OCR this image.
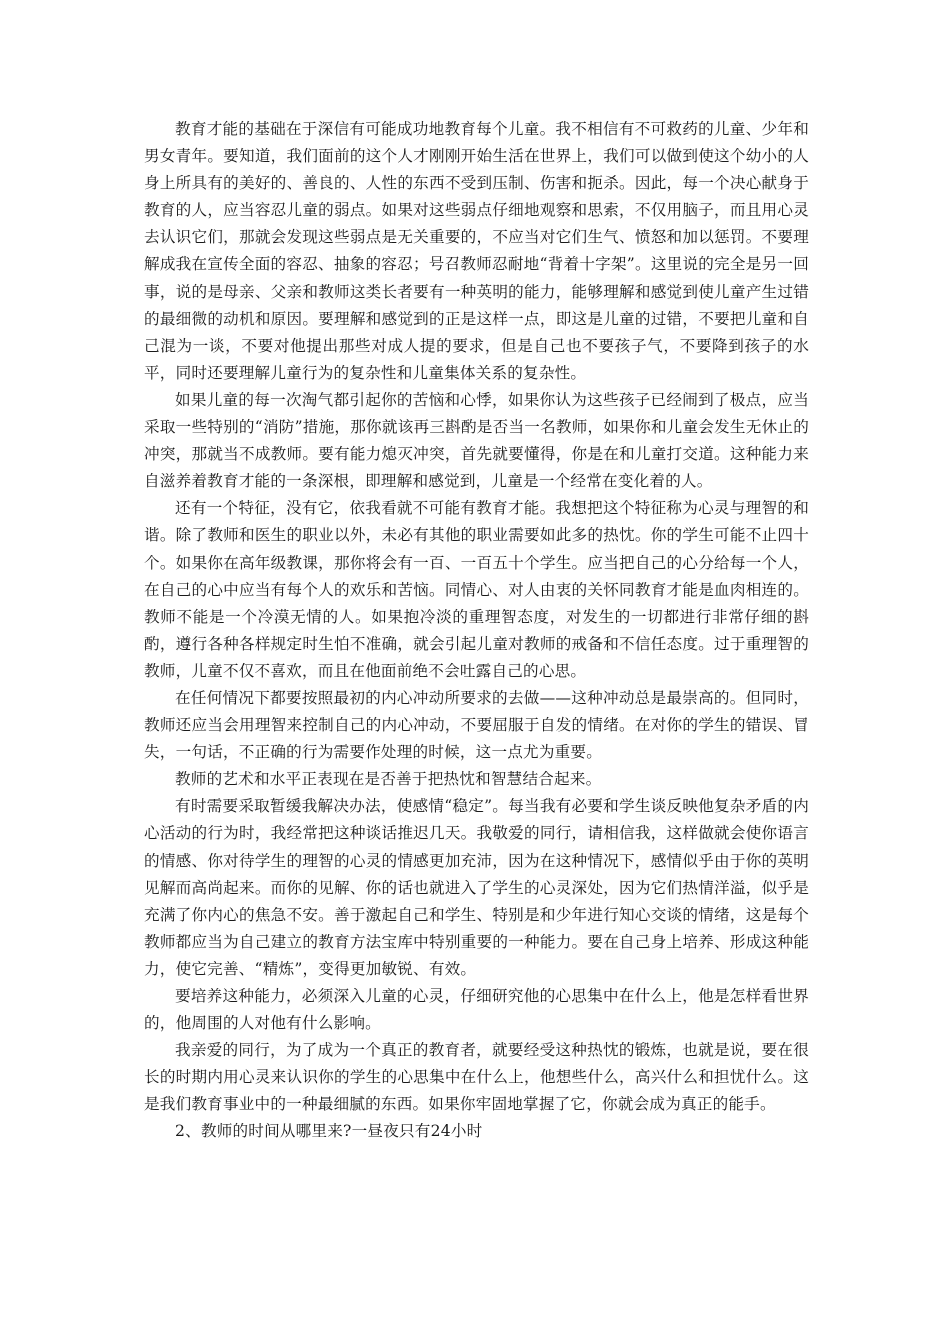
教育才能的基础在于深信有可能成功地教育每个儿童。我不相信有不可救药的儿童、少年和男女青年。要知道，我们面前的这个人才刚刚开始生活在世界上，我们可以做到使这个幼小的人身上所具有的美好的、善良的、人性的东西不受到压制、伤害和扼杀。因此，每一个决心献身于教育的人，应当容忍儿童的弱点。如果对这些弱点仔细地观察和思索，不仅用脑子，而且用心灵去认识它们，那就会发现这些弱点是无关重要的，不应当对它们生气、愤怒和加以惩罚。不要理解成我在宣传全面的容忍、抽象的容忍；号召教师忍耐地“背着十字架”。这里说的完全是另一回事，说的是母亲、父亲和教师这类长者要有一种英明的能力，能够理解和感觉到使儿童产生过错的最细微的动机和原因。要理解和感觉到的正是这样一点，即这是儿童的过错，不要把儿童和自己混为一谈，不要对他提出那些对成人提的要求，但是自己也不要孩子气，不要降到孩子的水平，同时还要理解儿童行为的复杂性和儿童集体关系的复杂性。

如果儿童的每一次淘气都引起你的苦恼和心悸，如果你认为这些孩子已经闹到了极点，应当采取一些特别的“消防”措施，那你就该再三斟酌是否当一名教师，如果你和儿童会发生无休止的冲突，那就当不成教师。要有能力熄灭冲突，首先就要懂得，你是在和儿童打交道。这种能力来自滋养着教育才能的一条深根，即理解和感觉到，儿童是一个经常在变化着的人。

还有一个特征，没有它，依我看就不可能有教育才能。我想把这个特征称为心灵与理智的和谐。除了教师和医生的职业以外，未必有其他的职业需要如此多的热忱。你的学生可能不止四十个。如果你在高年级教课，那你将会有一百、一百五十个学生。应当把自己的心分给每一个人，在自己的心中应当有每个人的欢乐和苦恼。同情心、对人由衷的关怀同教育才能是血肉相连的。教师不能是一个冷漠无情的人。如果抱冷淡的重理智态度，对发生的一切都进行非常仔细的斟酌，遵行各种各样规定时生怕不准确，就会引起儿童对教师的戒备和不信任态度。过于重理智的教师，儿童不仅不喜欢，而且在他面前绝不会吐露自己的心思。

在任何情况下都要按照最初的内心冲动所要求的去做——这种冲动总是最崇高的。但同时，教师还应当会用理智来控制自己的内心冲动，不要屈服于自发的情绪。在对你的学生的错误、冒失，一句话，不正确的行为需要作处理的时候，这一点尤为重要。

教师的艺术和水平正表现在是否善于把热忱和智慧结合起来。

有时需要采取暂缓我解决办法，使感情“稳定”。每当我有必要和学生谈反映他复杂矛盾的内心活动的行为时，我经常把这种谈话推迟几天。我敬爱的同行，请相信我，这样做就会使你语言的情感、你对待学生的理智的心灵的情感更加充沛，因为在这种情况下，感情似乎由于你的英明见解而高尚起来。而你的见解、你的话也就进入了学生的心灵深处，因为它们热情洋溢，似乎是充满了你内心的焦急不安。善于激起自己和学生、特别是和少年进行知心交谈的情绪，这是每个教师都应当为自己建立的教育方法宝库中特别重要的一种能力。要在自己身上培养、形成这种能力，使它完善、“精炼”，变得更加敏锐、有效。

要培养这种能力，必须深入儿童的心灵，仔细研究他的心思集中在什么上，他是怎样看世界的，他周围的人对他有什么影响。

我亲爱的同行，为了成为一个真正的教育者，就要经受这种热忱的锻炼，也就是说，要在很长的时期内用心灵来认识你的学生的心思集中在什么上，他想些什么，高兴什么和担忧什么。这是我们教育事业中的一种最细腻的东西。如果你牢固地掌握了它，你就会成为真正的能手。

2、教师的时间从哪里来?一昼夜只有24小时
